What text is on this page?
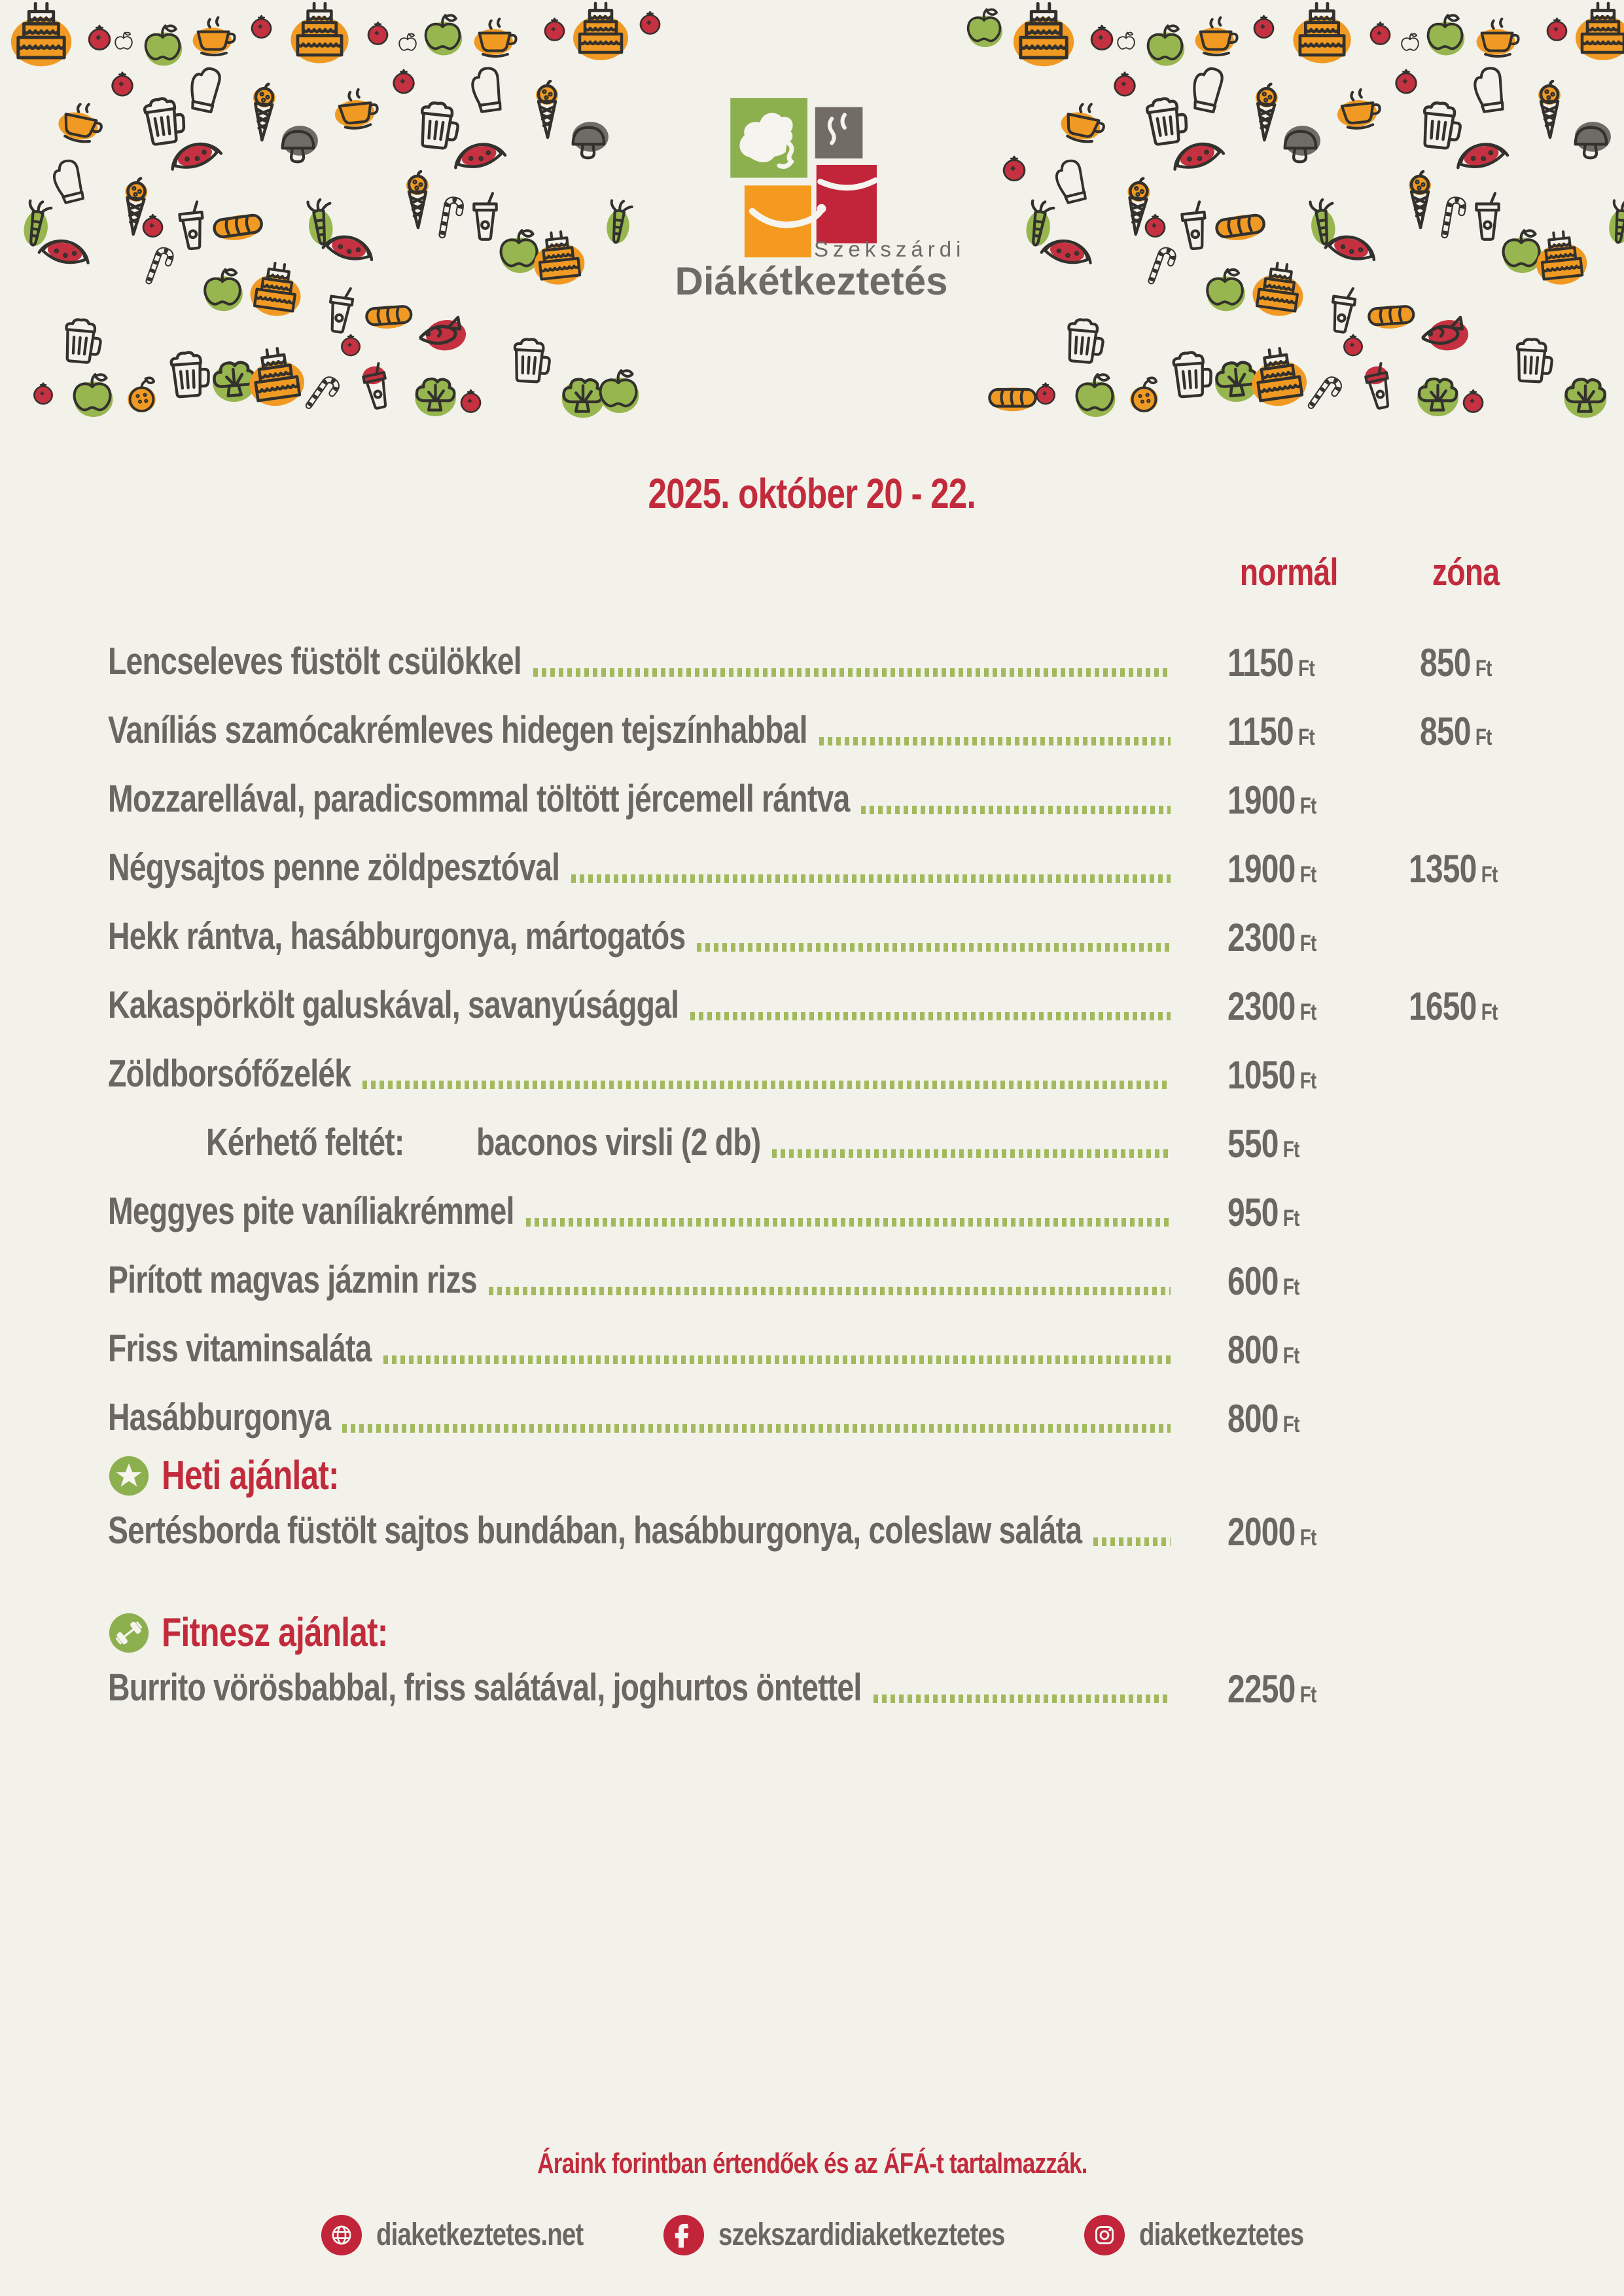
Szekszárdi
Diákétkeztetés
2025. október 20 - 22.
normál	zóna
Lencseleves füstölt csülökkel	1150 Ft	850 Ft
Vaníliás szamócakrémleves hidegen tejszínhabbal	1150 Ft	850 Ft
Mozzarellával, paradicsommal töltött jércemell rántva	1900 Ft
Négysajtos penne zöldpesztóval	1900 Ft	1350 Ft
Hekk rántva, hasábburgonya, mártogatós	2300 Ft
Kakaspörkölt galuskával, savanyúsággal	2300 Ft	1650 Ft
Zöldborsófőzelék	1050 Ft
Kérhető feltét: baconos virsli (2 db)	550 Ft
Meggyes pite vaníliakrémmel	950 Ft
Pirított magvas jázmin rizs	600 Ft
Friss vitaminsaláta	800 Ft
Hasábburgonya	800 Ft
Heti ajánlat:
Sertésborda füstölt sajtos bundában, hasábburgonya, coleslaw saláta	2000 Ft
Fitnesz ajánlat:
Burrito vörösbabbal, friss salátával, joghurtos öntettel	2250 Ft
Áraink forintban értendőek és az ÁFÁ-t tartalmazzák.
diaketkeztetes.net	szekszardidiaketkeztetes	diaketkeztetes
